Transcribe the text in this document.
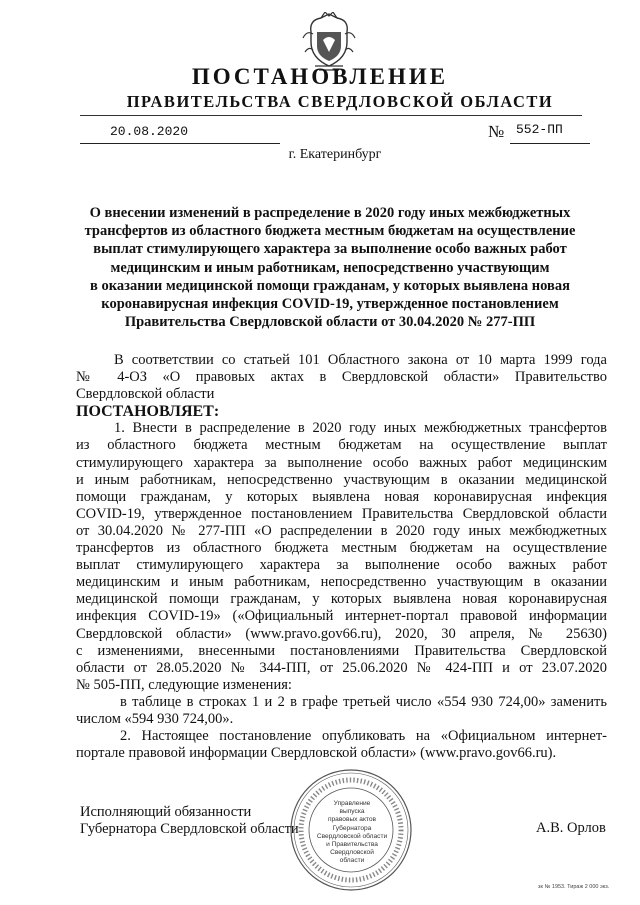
ПОСТАНОВЛЕНИЕ
ПРАВИТЕЛЬСТВА СВЕРДЛОВСКОЙ ОБЛАСТИ
20.08.2020	№ 552-ПП
г. Екатеринбург
О внесении изменений в распределение в 2020 году иных межбюджетных
трансфертов из областного бюджета местным бюджетам на осуществление
выплат стимулирующего характера за выполнение особо важных работ
медицинским и иным работникам, непосредственно участвующим
в оказании медицинской помощи гражданам, у которых выявлена новая
коронавирусная инфекция COVID-19, утвержденное постановлением
Правительства Свердловской области от 30.04.2020 № 277-ПП
В соответствии со статьей 101 Областного закона от 10 марта 1999 года
№ 4-ОЗ «О правовых актах в Свердловской области» Правительство
Свердловской области
ПОСТАНОВЛЯЕТ:
1. Внести в распределение в 2020 году иных межбюджетных трансфертов
из областного бюджета местным бюджетам на осуществление выплат
стимулирующего характера за выполнение особо важных работ медицинским
и иным работникам, непосредственно участвующим в оказании медицинской
помощи гражданам, у которых выявлена новая коронавирусная инфекция
COVID-19, утвержденное постановлением Правительства Свердловской области
от 30.04.2020 № 277-ПП «О распределении в 2020 году иных межбюджетных
трансфертов из областного бюджета местным бюджетам на осуществление
выплат стимулирующего характера за выполнение особо важных работ
медицинским и иным работникам, непосредственно участвующим в оказании
медицинской помощи гражданам, у которых выявлена новая коронавирусная
инфекция COVID-19» («Официальный интернет-портал правовой информации
Свердловской области» (www.pravo.gov66.ru), 2020, 30 апреля, № 25630)
с изменениями, внесенными постановлениями Правительства Свердловской
области от 28.05.2020 № 344-ПП, от 25.06.2020 № 424-ПП и от 23.07.2020
№ 505-ПП, следующие изменения:
в таблице в строках 1 и 2 в графе третьей число «554 930 724,00» заменить
числом «594 930 724,00».
2. Настоящее постановление опубликовать на «Официальном интернет-
портале правовой информации Свердловской области» (www.pravo.gov66.ru).
Исполняющий обязанности
Губернатора Свердловской области	А.В. Орлов
Управление
выпуска
правовых актов
Губернатора
Свердловской области
и Правительства
Свердловской
области
зк № 1953. Тираж 2 000 экз.
